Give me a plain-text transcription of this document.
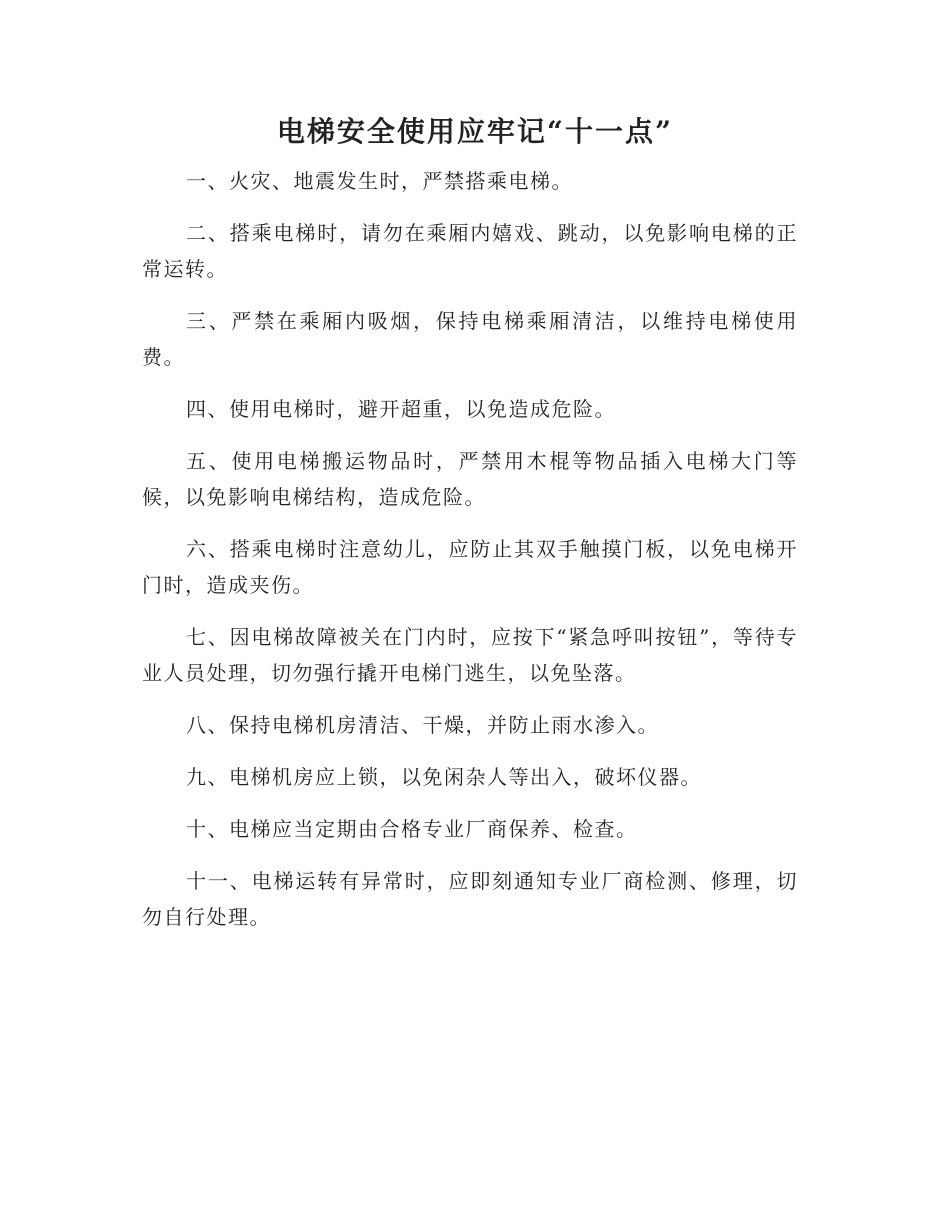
电梯安全使用应牢记“十一点”

一、火灾、地震发生时，严禁搭乘电梯。

二、搭乘电梯时，请勿在乘厢内嬉戏、跳动，以免影响电梯的正常运转。

三、严禁在乘厢内吸烟，保持电梯乘厢清洁，以维持电梯使用费。

四、使用电梯时，避开超重，以免造成危险。

五、使用电梯搬运物品时，严禁用木棍等物品插入电梯大门等候，以免影响电梯结构，造成危险。

六、搭乘电梯时注意幼儿，应防止其双手触摸门板，以免电梯开门时，造成夹伤。

七、因电梯故障被关在门内时，应按下“紧急呼叫按钮”，等待专业人员处理，切勿强行撬开电梯门逃生，以免坠落。

八、保持电梯机房清洁、干燥，并防止雨水渗入。

九、电梯机房应上锁，以免闲杂人等出入，破坏仪器。

十、电梯应当定期由合格专业厂商保养、检查。

十一、电梯运转有异常时，应即刻通知专业厂商检测、修理，切勿自行处理。
